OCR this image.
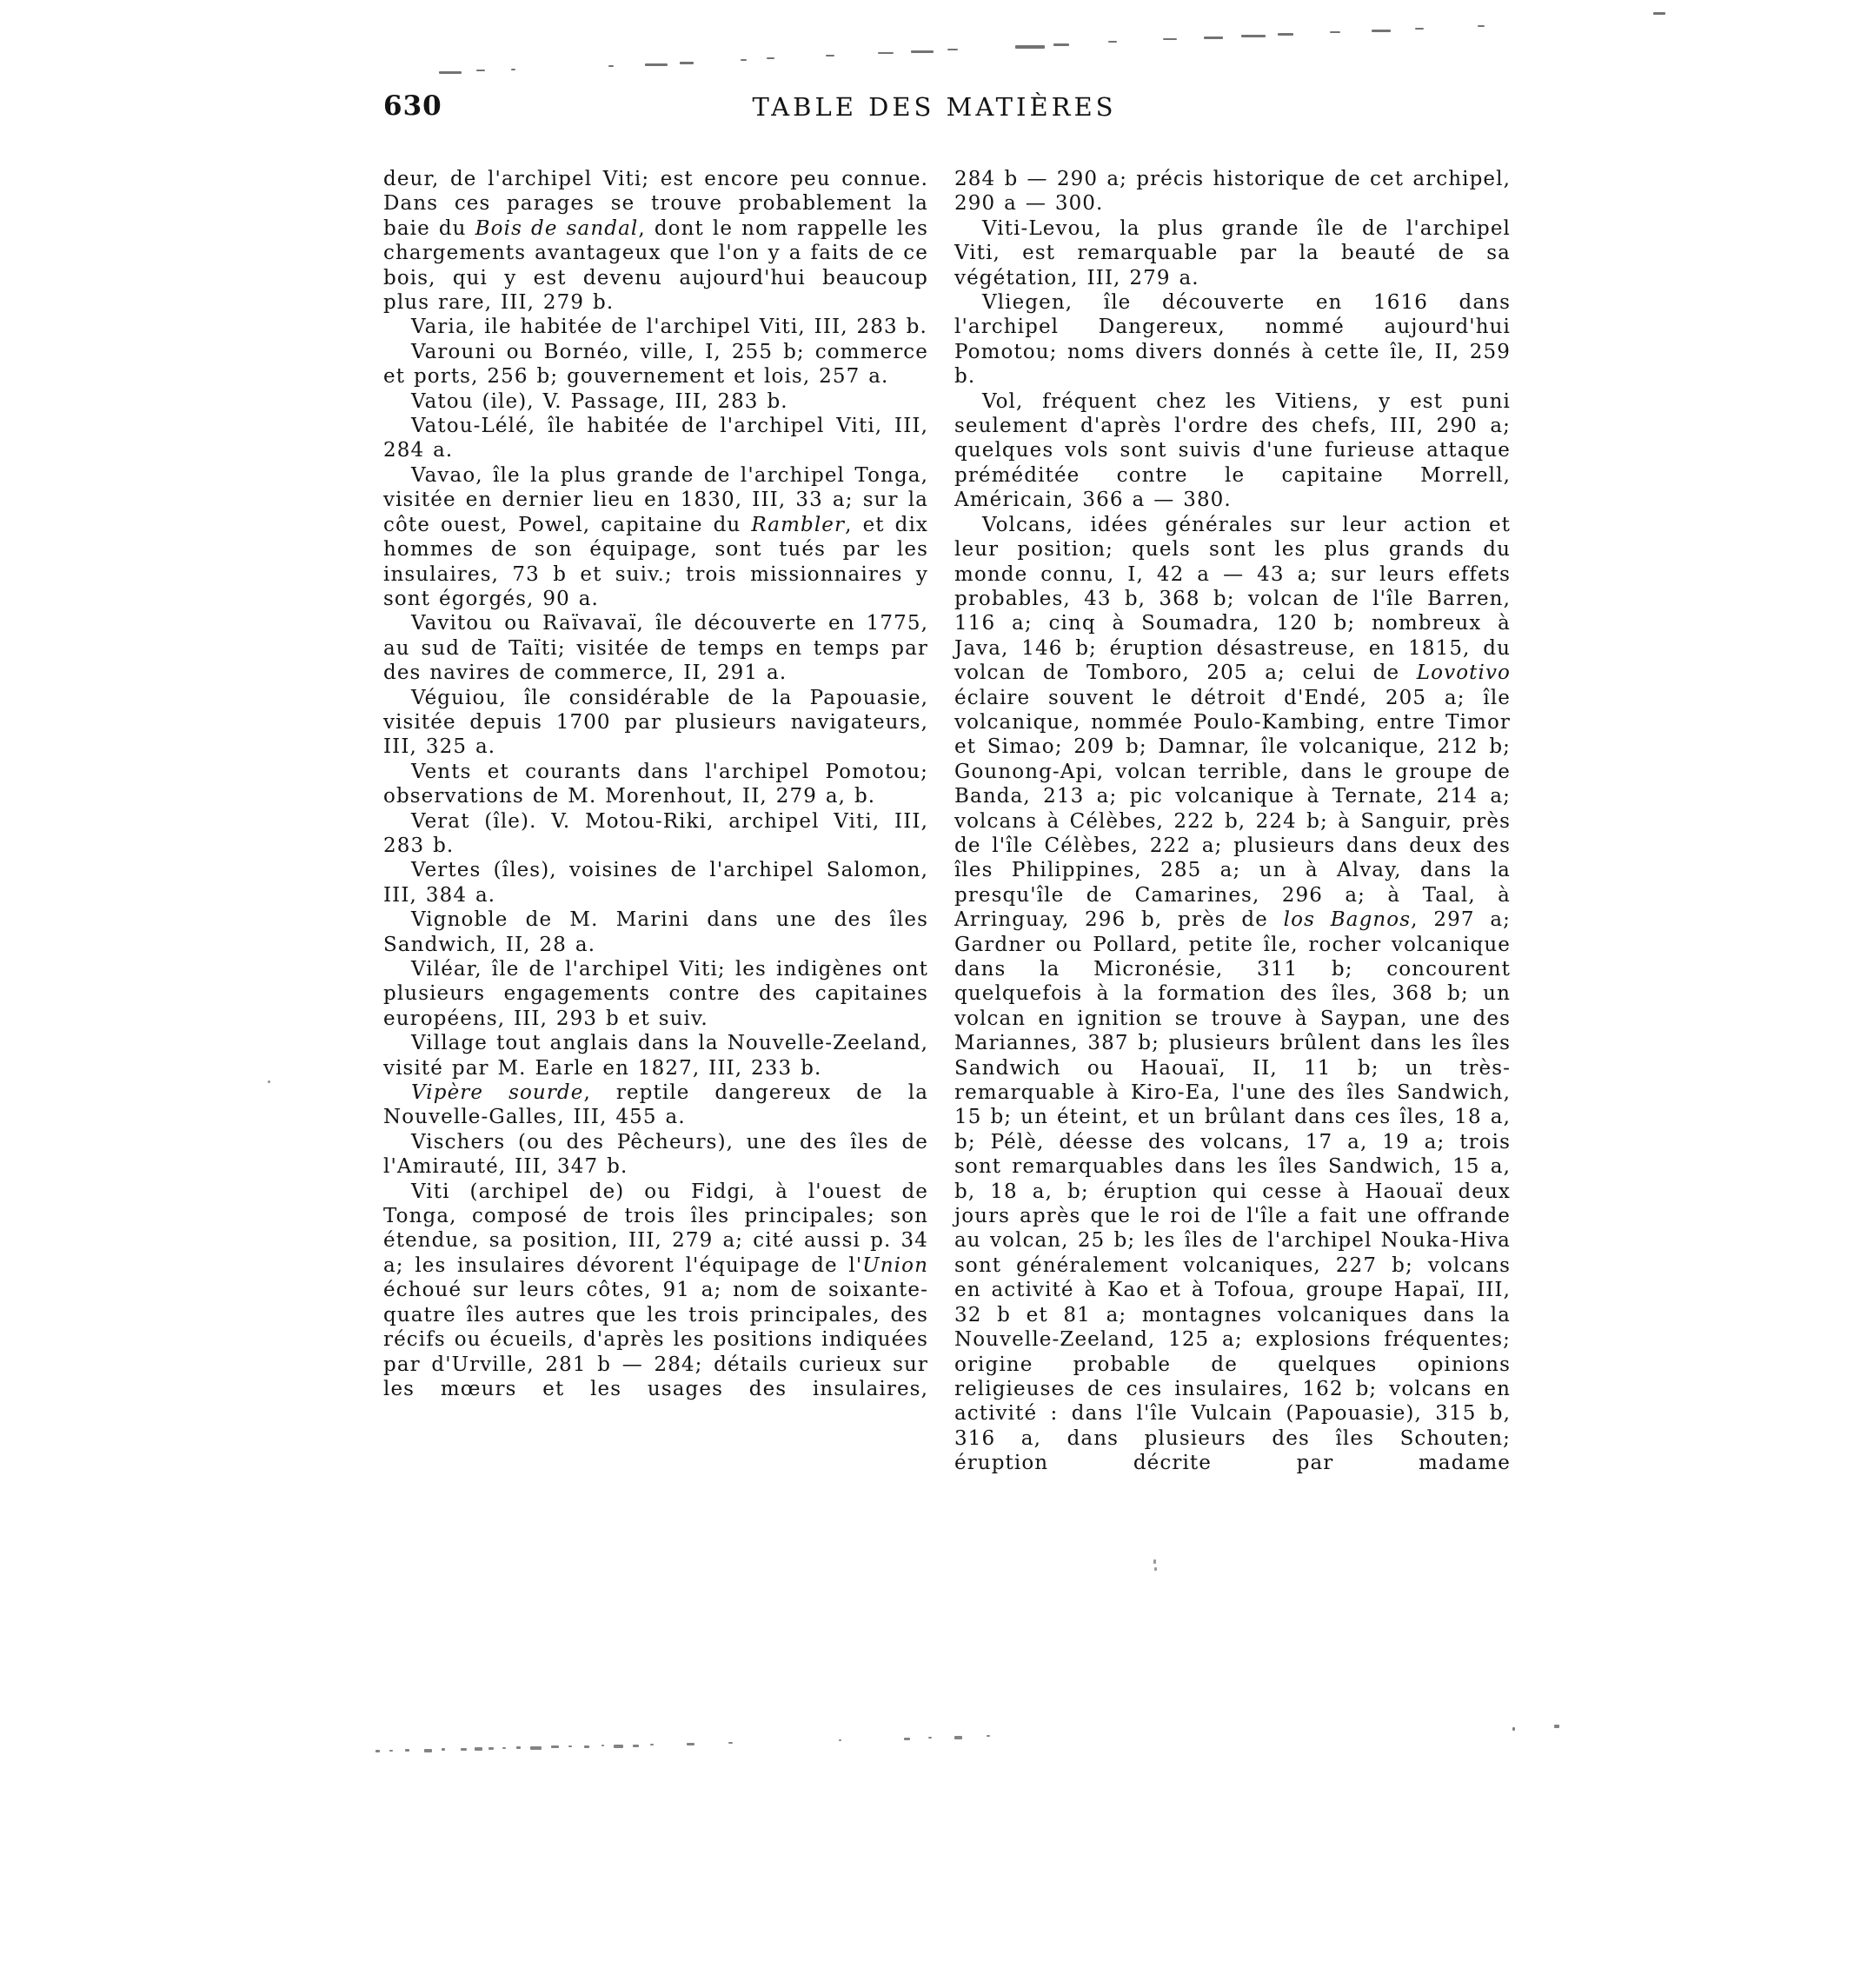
630	TABLE DES MATIÈRES

deur, de l'archipel Viti; est encore peu connue. Dans ces parages se trouve probablement la baie du Bois de sandal, dont le nom rappelle les chargements avantageux que l'on y a faits de ce bois, qui y est devenu aujourd'hui beaucoup plus rare, III, 279 b.

Varia, ile habitée de l'archipel Viti, III, 283 b.

Varouni ou Bornéo, ville, I, 255 b; commerce et ports, 256 b; gouvernement et lois, 257 a.

Vatou (ile), V. Passage, III, 283 b.

Vatou-Lélé, île habitée de l'archipel Viti, III, 284 a.

Vavao, île la plus grande de l'archipel Tonga, visitée en dernier lieu en 1830, III, 33 a; sur la côte ouest, Powel, capitaine du Rambler, et dix hommes de son équipage, sont tués par les insulaires, 73 b et suiv.; trois missionnaires y sont égorgés, 90 a.

Vavitou ou Raïvavaï, île découverte en 1775, au sud de Taïti; visitée de temps en temps par des navires de commerce, II, 291 a.

Véguiou, île considérable de la Papouasie, visitée depuis 1700 par plusieurs navigateurs, III, 325 a.

Vents et courants dans l'archipel Pomotou; observations de M. Morenhout, II, 279 a, b.

Verat (île). V. Motou-Riki, archipel Viti, III, 283 b.

Vertes (îles), voisines de l'archipel Salomon, III, 384 a.

Vignoble de M. Marini dans une des îles Sandwich, II, 28 a.

Viléar, île de l'archipel Viti; les indigènes ont plusieurs engagements contre des capitaines européens, III, 293 b et suiv.

Village tout anglais dans la Nouvelle-Zeeland, visité par M. Earle en 1827, III, 233 b.

Vipère sourde, reptile dangereux de la Nouvelle-Galles, III, 455 a.

Vischers (ou des Pêcheurs), une des îles de l'Amirauté, III, 347 b.

Viti (archipel de) ou Fidgi, à l'ouest de Tonga, composé de trois îles principales; son étendue, sa position, III, 279 a; cité aussi p. 34 a; les insulaires dévorent l'équipage de l'Union échoué sur leurs côtes, 91 a; nom de soixante-quatre îles autres que les trois principales, des récifs ou écueils, d'après les positions indiquées par d'Urville, 281 b — 284; détails curieux sur les mœurs et les usages des insulaires,

284 b — 290 a; précis historique de cet archipel, 290 a — 300.

Viti-Levou, la plus grande île de l'archipel Viti, est remarquable par la beauté de sa végétation, III, 279 a.

Vliegen, île découverte en 1616 dans l'archipel Dangereux, nommé aujourd'hui Pomotou; noms divers donnés à cette île, II, 259 b.

Vol, fréquent chez les Vitiens, y est puni seulement d'après l'ordre des chefs, III, 290 a; quelques vols sont suivis d'une furieuse attaque préméditée contre le capitaine Morrell, Américain, 366 a — 380.

Volcans, idées générales sur leur action et leur position; quels sont les plus grands du monde connu, I, 42 a — 43 a; sur leurs effets probables, 43 b, 368 b; volcan de l'île Barren, 116 a; cinq à Soumadra, 120 b; nombreux à Java, 146 b; éruption désastreuse, en 1815, du volcan de Tomboro, 205 a; celui de Lovotivo éclaire souvent le détroit d'Endé, 205 a; île volcanique, nommée Poulo-Kambing, entre Timor et Simao; 209 b; Damnar, île volcanique, 212 b; Gounong-Api, volcan terrible, dans le groupe de Banda, 213 a; pic volcanique à Ternate, 214 a; volcans à Célèbes, 222 b, 224 b; à Sanguir, près de l'île Célèbes, 222 a; plusieurs dans deux des îles Philippines, 285 a; un à Alvay, dans la presqu'île de Camarines, 296 a; à Taal, à Arringuay, 296 b, près de los Bagnos, 297 a; Gardner ou Pollard, petite île, rocher volcanique dans la Micronésie, 311 b; concourent quelquefois à la formation des îles, 368 b; un volcan en ignition se trouve à Saypan, une des Mariannes, 387 b; plusieurs brûlent dans les îles Sandwich ou Haouaï, II, 11 b; un très-remarquable à Kiro-Ea, l'une des îles Sandwich, 15 b; un éteint, et un brûlant dans ces îles, 18 a, b; Pélè, déesse des volcans, 17 a, 19 a; trois sont remarquables dans les îles Sandwich, 15 a, b, 18 a, b; éruption qui cesse à Haouaï deux jours après que le roi de l'île a fait une offrande au volcan, 25 b; les îles de l'archipel Nouka-Hiva sont généralement volcaniques, 227 b; volcans en activité à Kao et à Tofoua, groupe Hapaï, III, 32 b et 81 a; montagnes volcaniques dans la Nouvelle-Zeeland, 125 a; explosions fréquentes; origine probable de quelques opinions religieuses de ces insulaires, 162 b; volcans en activité : dans l'île Vulcain (Papouasie), 315 b, 316 a, dans plusieurs des îles Schouten; éruption décrite par madame
